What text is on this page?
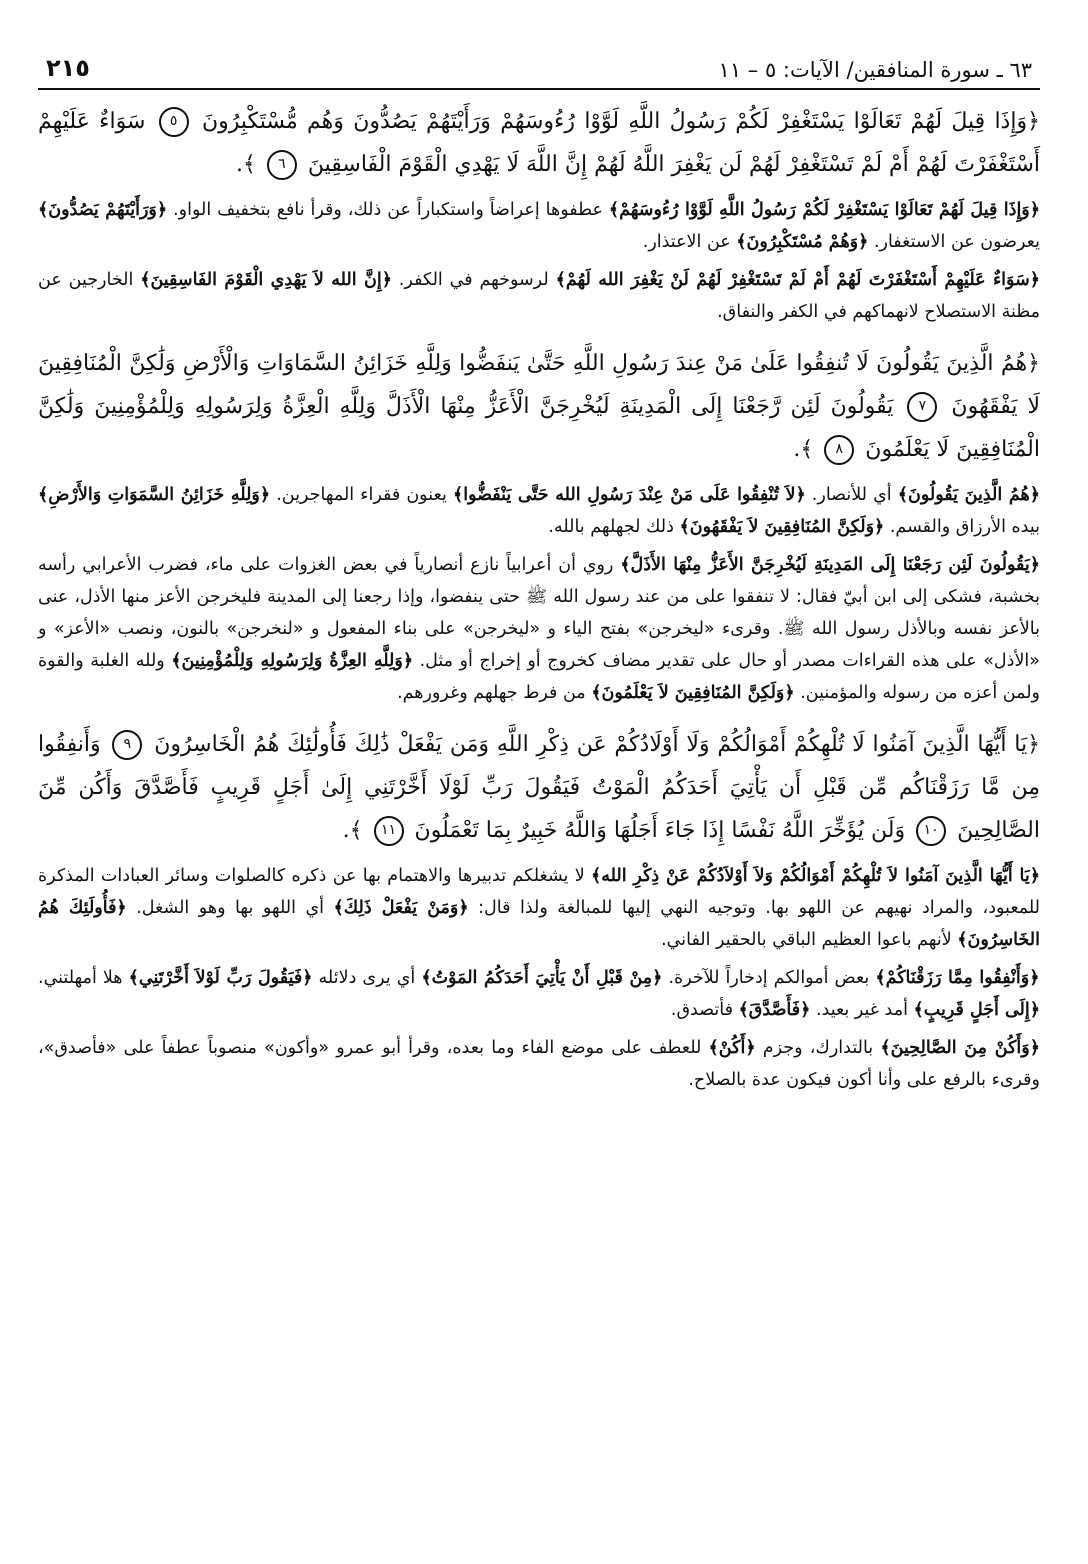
٦٣ ـ سورة المنافقين/ الآيات: ٥ – ١١
٢١٥

﴿وَإِذَا قِيلَ لَهُمْ تَعَالَوْا يَسْتَغْفِرْ لَكُمْ رَسُولُ اللَّهِ لَوَّوْا رُءُوسَهُمْ وَرَأَيْتَهُمْ يَصُدُّونَ وَهُم مُّسْتَكْبِرُونَ ٥ سَوَاءٌ عَلَيْهِمْ أَسْتَغْفَرْتَ لَهُمْ أَمْ لَمْ تَسْتَغْفِرْ لَهُمْ لَن يَغْفِرَ اللَّهُ لَهُمْ إِنَّ اللَّهَ لَا يَهْدِي الْقَوْمَ الْفَاسِقِينَ ٦ ﴾.

﴿وَإِذَا قِيلَ لَهُمْ تَعَالَوْا يَسْتَغْفِرْ لَكُمْ رَسُولُ اللَّهِ لَوَّوْا رُءُوسَهُمْ﴾ عطفوها إعراضاً واستكباراً عن ذلك، وقرأ نافع بتخفيف الواو. ﴿وَرَأَيْتَهُمْ يَصُدُّونَ﴾ يعرضون عن الاستغفار. ﴿وَهُمْ مُسْتَكْبِرُونَ﴾ عن الاعتذار.

﴿سَوَاءٌ عَلَيْهِمْ أَسْتَغْفَرْتَ لَهُمْ أَمْ لَمْ تَسْتَغْفِرْ لَهُمْ لَنْ يَغْفِرَ الله لَهُمْ﴾ لرسوخهم في الكفر. ﴿إِنَّ الله لاَ يَهْدِي الْقَوْمَ الفَاسِقِينَ﴾ الخارجين عن مظنة الاستصلاح لانهماكهم في الكفر والنفاق.

﴿هُمُ الَّذِينَ يَقُولُونَ لَا تُنفِقُوا عَلَىٰ مَنْ عِندَ رَسُولِ اللَّهِ حَتَّىٰ يَنفَضُّوا وَلِلَّهِ خَزَائِنُ السَّمَاوَاتِ وَالْأَرْضِ وَلَٰكِنَّ الْمُنَافِقِينَ لَا يَفْقَهُونَ ٧ يَقُولُونَ لَئِن رَّجَعْنَا إِلَى الْمَدِينَةِ لَيُخْرِجَنَّ الْأَعَزُّ مِنْهَا الْأَذَلَّ وَلِلَّهِ الْعِزَّةُ وَلِرَسُولِهِ وَلِلْمُؤْمِنِينَ وَلَٰكِنَّ الْمُنَافِقِينَ لَا يَعْلَمُونَ ٨ ﴾.

﴿هُمُ الَّذِينَ يَقُولُونَ﴾ أي للأنصار. ﴿لاَ تُنْفِقُوا عَلَى مَنْ عِنْدَ رَسُولِ الله حَتَّى يَنْفَضُّوا﴾ يعنون فقراء المهاجرين. ﴿وَلِلَّهِ خَزَائِنُ السَّمَوَاتِ وَالأَرْضِ﴾ بيده الأرزاق والقسم. ﴿وَلَكِنَّ المُنَافِقِينَ لاَ يَفْقَهُونَ﴾ ذلك لجهلهم بالله.

﴿يَقُولُونَ لَئِن رَجَعْنَا إِلَى المَدِينَةِ لَيُخْرِجَنَّ الأَعَزُّ مِنْهَا الأَذَلَّ﴾ روي أن أعرابياً نازع أنصارياً في بعض الغزوات على ماء، فضرب الأعرابي رأسه بخشبة، فشكى إلى ابن أبيّ فقال: لا تنفقوا على من عند رسول الله ﷺ حتى ينفضوا، وإذا رجعنا إلى المدينة فليخرجن الأعز منها الأذل، عنى بالأعز نفسه وبالأذل رسول الله ﷺ. وقرىء «ليخرجن» بفتح الياء و «ليخرجن» على بناء المفعول و «لنخرجن» بالنون، ونصب «الأعز» و «الأذل» على هذه القراءات مصدر أو حال على تقدير مضاف كخروج أو إخراج أو مثل. ﴿وَلِلَّهِ العِزَّةُ وَلِرَسُولِهِ وَلِلْمُؤْمِنِينَ﴾ ولله الغلبة والقوة ولمن أعزه من رسوله والمؤمنين. ﴿وَلَكِنَّ المُنَافِقِينَ لاَ يَعْلَمُونَ﴾ من فرط جهلهم وغرورهم.

﴿يَا أَيُّهَا الَّذِينَ آمَنُوا لَا تُلْهِكُمْ أَمْوَالُكُمْ وَلَا أَوْلَادُكُمْ عَن ذِكْرِ اللَّهِ وَمَن يَفْعَلْ ذَٰلِكَ فَأُولَٰئِكَ هُمُ الْخَاسِرُونَ ٩ وَأَنفِقُوا مِن مَّا رَزَقْنَاكُم مِّن قَبْلِ أَن يَأْتِيَ أَحَدَكُمُ الْمَوْتُ فَيَقُولَ رَبِّ لَوْلَا أَخَّرْتَنِي إِلَىٰ أَجَلٍ قَرِيبٍ فَأَصَّدَّقَ وَأَكُن مِّنَ الصَّالِحِينَ ١٠ وَلَن يُؤَخِّرَ اللَّهُ نَفْسًا إِذَا جَاءَ أَجَلُهَا وَاللَّهُ خَبِيرٌ بِمَا تَعْمَلُونَ ١١ ﴾.

﴿يَا أَيُّهَا الَّذِينَ آمَنُوا لاَ تُلْهِكُمْ أَمْوَالُكُمْ وَلاَ أَوْلاَدُكُمْ عَنْ ذِكْرِ الله﴾ لا يشغلكم تدبيرها والاهتمام بها عن ذكره كالصلوات وسائر العبادات المذكرة للمعبود، والمراد نهيهم عن اللهو بها. وتوجيه النهي إليها للمبالغة ولذا قال: ﴿وَمَنْ يَفْعَلْ ذَلِكَ﴾ أي اللهو بها وهو الشغل. ﴿فَأُولَئِكَ هُمُ الخَاسِرُونَ﴾ لأنهم باعوا العظيم الباقي بالحقير الفاني.

﴿وَأَنْفِقُوا مِمَّا رَزَقْنَاكُمْ﴾ بعض أموالكم إدخاراً للآخرة. ﴿مِنْ قَبْلِ أَنْ يَأْتِيَ أَحَدَكُمُ المَوْتُ﴾ أي يرى دلائله ﴿فَيَقُولَ رَبِّ لَوْلاَ أَخَّرْتَنِي﴾ هلا أمهلتني. ﴿إِلَى أَجَلٍ قَرِيبٍ﴾ أمد غير بعيد. ﴿فَأَصَّدَّقَ﴾ فأتصدق.

﴿وَأَكُنْ مِنَ الصَّالِحِينَ﴾ بالتدارك، وجزم ﴿أَكُنْ﴾ للعطف على موضع الفاء وما بعده، وقرأ أبو عمرو «وأكون» منصوباً عطفاً على «فأصدق»، وقرىء بالرفع على وأنا أكون فيكون عدة بالصلاح.
